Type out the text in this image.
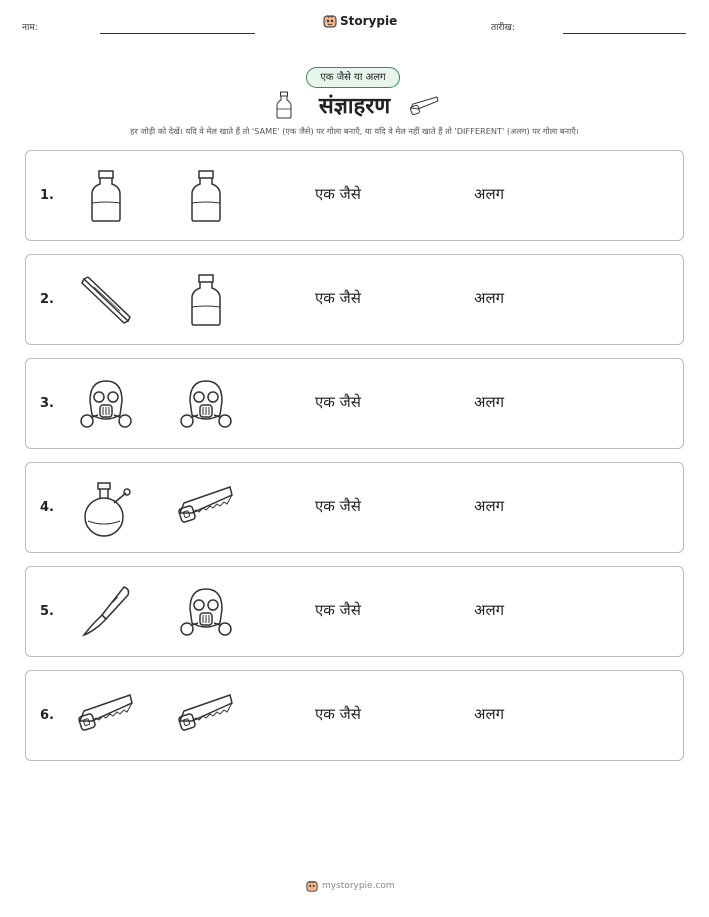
नाम:	Storypie	तारीख:
एक जैसे या अलग
संज्ञाहरण
हर जोड़ी को देखें। यदि वे मेल खाते हैं तो 'SAME' (एक जैसे) पर गोला बनाएँ, या यदि वे मेल नहीं खाते हैं तो 'DIFFERENT' (अलग) पर गोला बनाएँ।
1.	एक जैसे	अलग
2.	एक जैसे	अलग
3.	एक जैसे	अलग
4.	एक जैसे	अलग
5.	एक जैसे	अलग
6.	एक जैसे	अलग
mystorypie.com
